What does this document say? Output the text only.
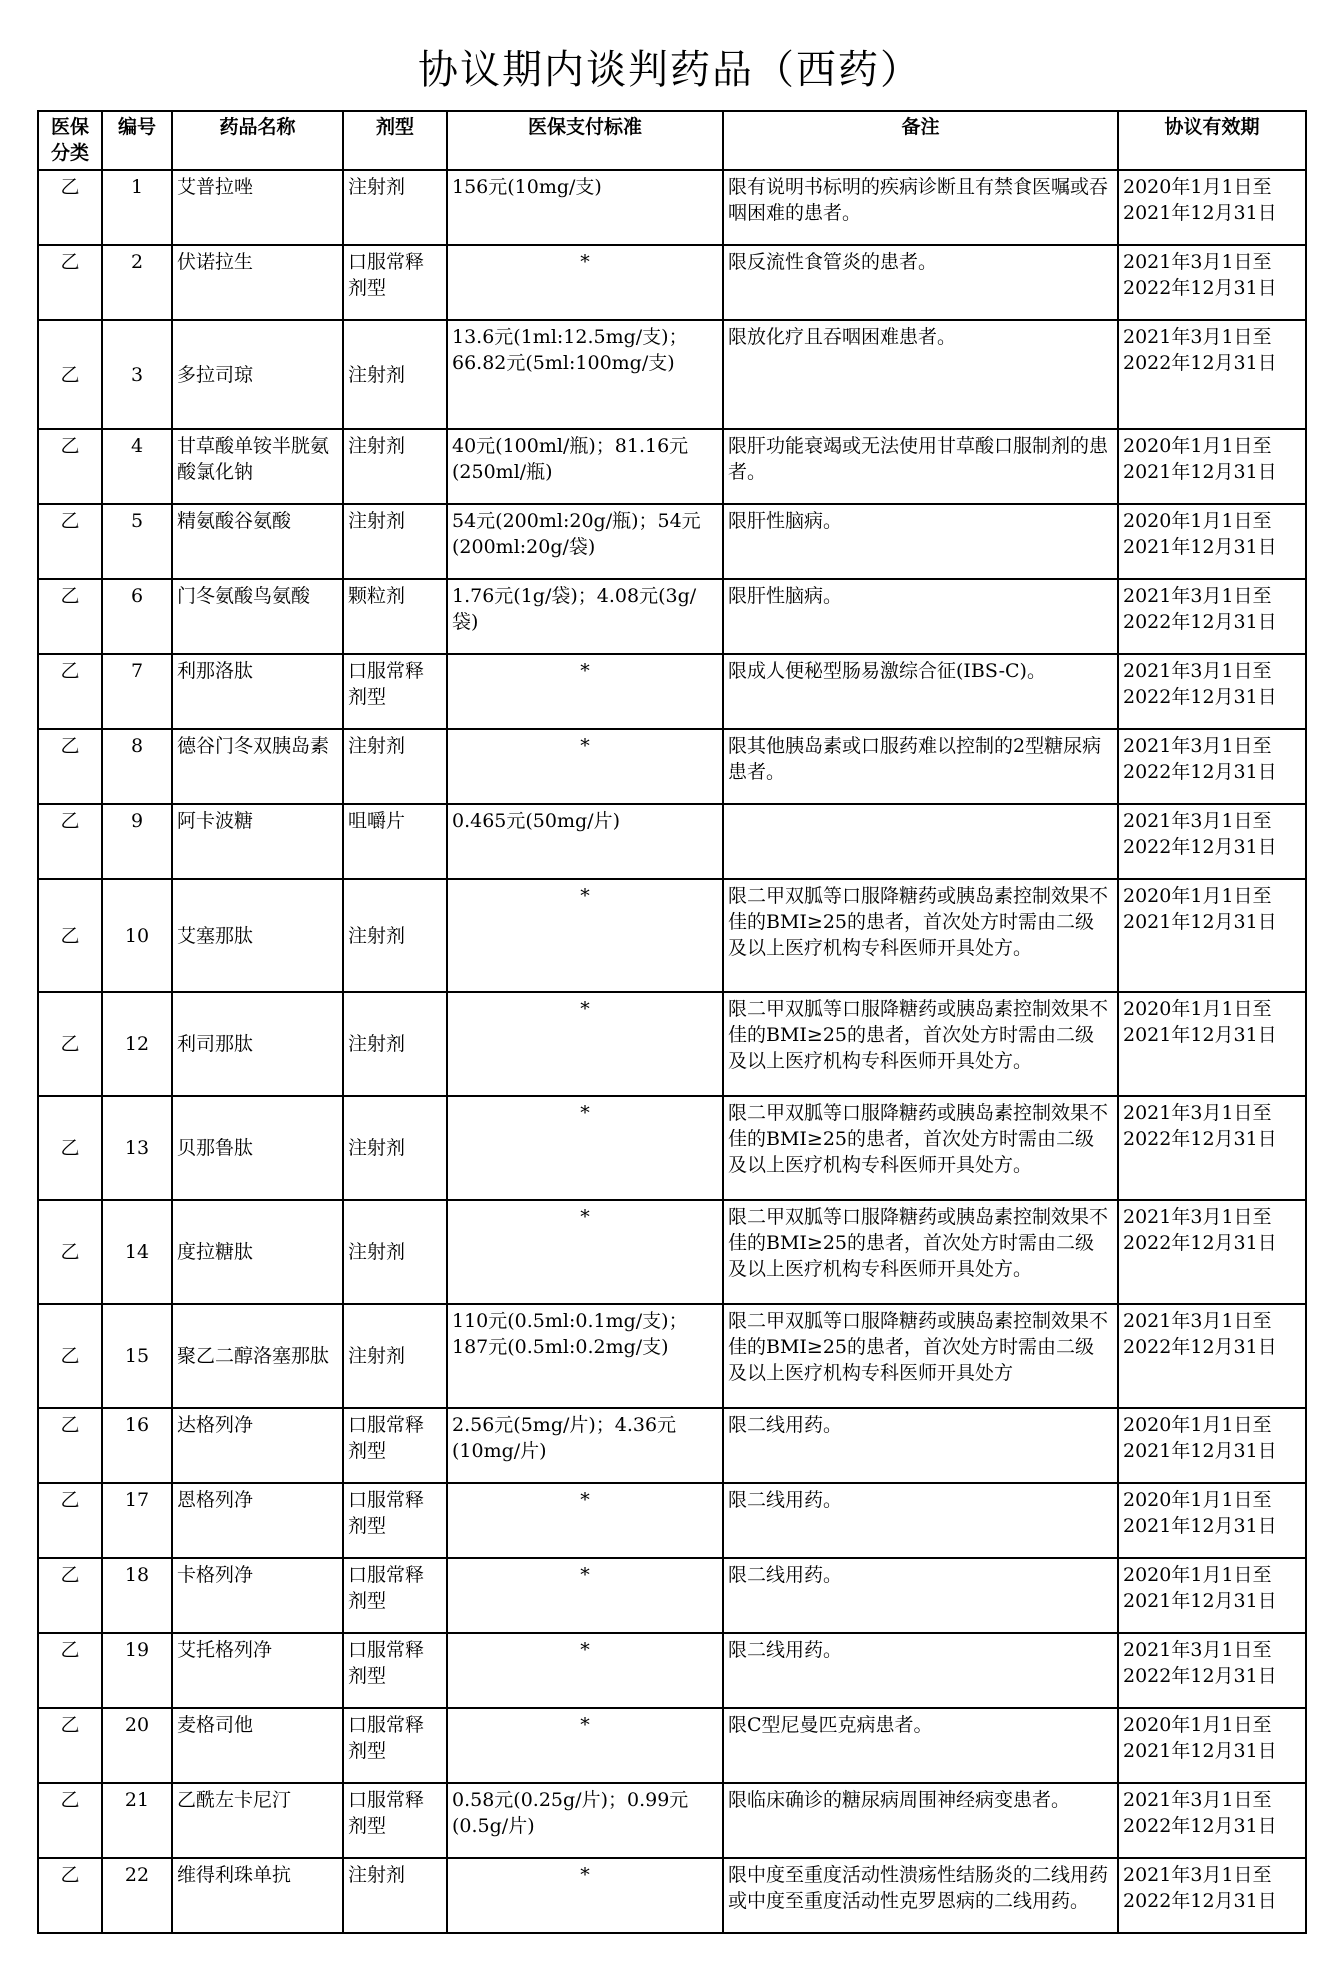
协议期内谈判药品（西药）
医保分类	编号	药品名称	剂型	医保支付标准	备注	协议有效期
乙	1	艾普拉唑	注射剂	156元(10mg/支)	限有说明书标明的疾病诊断且有禁食医嘱或吞咽困难的患者。	2020年1月1日至2021年12月31日
乙	2	伏诺拉生	口服常释剂型	*	限反流性食管炎的患者。	2021年3月1日至2022年12月31日
乙	3	多拉司琼	注射剂	13.6元(1ml:12.5mg/支)；66.82元(5ml:100mg/支)	限放化疗且吞咽困难患者。	2021年3月1日至2022年12月31日
乙	4	甘草酸单铵半胱氨酸氯化钠	注射剂	40元(100ml/瓶)；81.16元(250ml/瓶)	限肝功能衰竭或无法使用甘草酸口服制剂的患者。	2020年1月1日至2021年12月31日
乙	5	精氨酸谷氨酸	注射剂	54元(200ml:20g/瓶)；54元(200ml:20g/袋)	限肝性脑病。	2020年1月1日至2021年12月31日
乙	6	门冬氨酸鸟氨酸	颗粒剂	1.76元(1g/袋)；4.08元(3g/袋)	限肝性脑病。	2021年3月1日至2022年12月31日
乙	7	利那洛肽	口服常释剂型	*	限成人便秘型肠易激综合征(IBS-C)。	2021年3月1日至2022年12月31日
乙	8	德谷门冬双胰岛素	注射剂	*	限其他胰岛素或口服药难以控制的2型糖尿病患者。	2021年3月1日至2022年12月31日
乙	9	阿卡波糖	咀嚼片	0.465元(50mg/片)		2021年3月1日至2022年12月31日
乙	10	艾塞那肽	注射剂	*	限二甲双胍等口服降糖药或胰岛素控制效果不佳的BMI≥25的患者，首次处方时需由二级及以上医疗机构专科医师开具处方。	2020年1月1日至2021年12月31日
乙	12	利司那肽	注射剂	*	限二甲双胍等口服降糖药或胰岛素控制效果不佳的BMI≥25的患者，首次处方时需由二级及以上医疗机构专科医师开具处方。	2020年1月1日至2021年12月31日
乙	13	贝那鲁肽	注射剂	*	限二甲双胍等口服降糖药或胰岛素控制效果不佳的BMI≥25的患者，首次处方时需由二级及以上医疗机构专科医师开具处方。	2021年3月1日至2022年12月31日
乙	14	度拉糖肽	注射剂	*	限二甲双胍等口服降糖药或胰岛素控制效果不佳的BMI≥25的患者，首次处方时需由二级及以上医疗机构专科医师开具处方。	2021年3月1日至2022年12月31日
乙	15	聚乙二醇洛塞那肽	注射剂	110元(0.5ml:0.1mg/支)； 187元(0.5ml:0.2mg/支)	限二甲双胍等口服降糖药或胰岛素控制效果不佳的BMI≥25的患者，首次处方时需由二级及以上医疗机构专科医师开具处方	2021年3月1日至2022年12月31日
乙	16	达格列净	口服常释剂型	2.56元(5mg/片)；4.36元(10mg/片)	限二线用药。	2020年1月1日至2021年12月31日
乙	17	恩格列净	口服常释剂型	*	限二线用药。	2020年1月1日至2021年12月31日
乙	18	卡格列净	口服常释剂型	*	限二线用药。	2020年1月1日至2021年12月31日
乙	19	艾托格列净	口服常释剂型	*	限二线用药。	2021年3月1日至2022年12月31日
乙	20	麦格司他	口服常释剂型	*	限C型尼曼匹克病患者。	2020年1月1日至2021年12月31日
乙	21	乙酰左卡尼汀	口服常释剂型	0.58元(0.25g/片)；0.99元(0.5g/片)	限临床确诊的糖尿病周围神经病变患者。	2021年3月1日至2022年12月31日
乙	22	维得利珠单抗	注射剂	*	限中度至重度活动性溃疡性结肠炎的二线用药或中度至重度活动性克罗恩病的二线用药。	2021年3月1日至2022年12月31日
